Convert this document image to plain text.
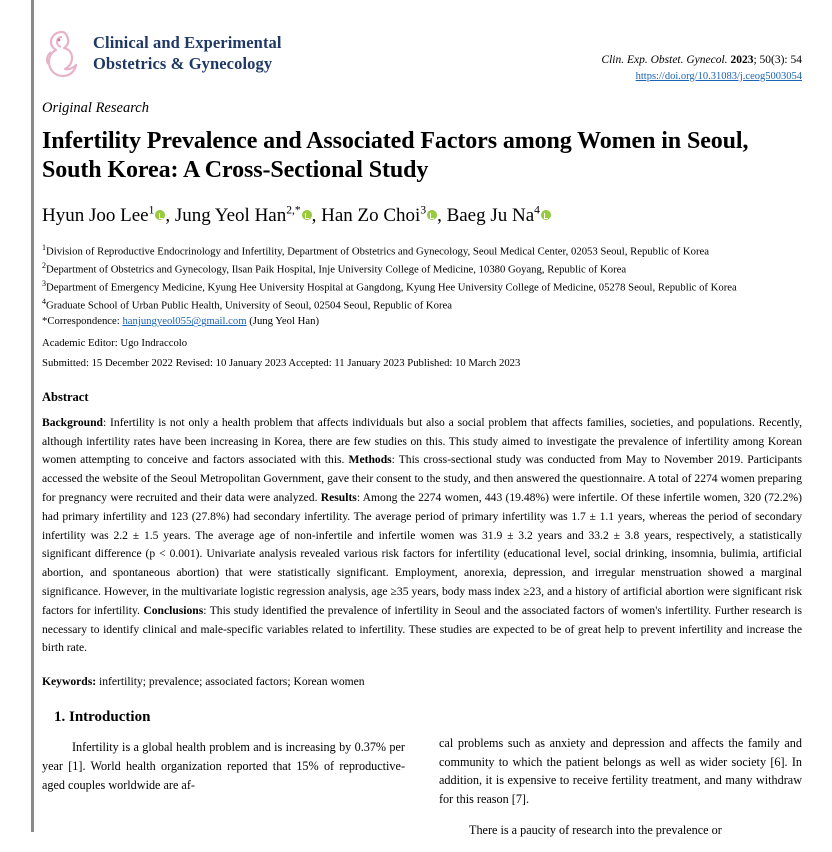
Clinical and Experimental
Obstetrics & Gynecology	Clin. Exp. Obstet. Gynecol. 2023; 50(3): 54
https://doi.org/10.31083/j.ceog5003054
Original Research
Infertility Prevalence and Associated Factors among Women in Seoul, South Korea: A Cross-Sectional Study
Hyun Joo Lee$^1$ , Jung Yeol Han$^{2,*}$ , Han Zo Choi$^3$ , Baeg Ju Na$^4$
$^1$Division of Reproductive Endocrinology and Infertility, Department of Obstetrics and Gynecology, Seoul Medical Center, 02053 Seoul, Republic of Korea
$^2$Department of Obstetrics and Gynecology, Ilsan Paik Hospital, Inje University College of Medicine, 10380 Goyang, Republic of Korea
$^3$Department of Emergency Medicine, Kyung Hee University Hospital at Gangdong, Kyung Hee University College of Medicine, 05278 Seoul, Republic of Korea
$^4$Graduate School of Urban Public Health, University of Seoul, 02504 Seoul, Republic of Korea
*Correspondence: hanjungyeol055@gmail.com (Jung Yeol Han)
Academic Editor: Ugo Indraccolo
Submitted: 15 December 2022 Revised: 10 January 2023 Accepted: 11 January 2023 Published: 10 March 2023
Abstract
Background: Infertility is not only a health problem that affects individuals but also a social problem that affects families, societies, and populations. Recently, although infertility rates have been increasing in Korea, there are few studies on this. This study aimed to investigate the prevalence of infertility among Korean women attempting to conceive and factors associated with this. Methods: This cross-sectional study was conducted from May to November 2019. Participants accessed the website of the Seoul Metropolitan Government, gave their consent to the study, and then answered the questionnaire. A total of 2274 women preparing for pregnancy were recruited and their data were analyzed. Results: Among the 2274 women, 443 (19.48%) were infertile. Of these infertile women, 320 (72.2%) had primary infertility and 123 (27.8%) had secondary infertility. The average period of primary infertility was 1.7 ± 1.1 years, whereas the period of secondary infertility was 2.2 ± 1.5 years. The average age of non-infertile and infertile women was 31.9 ± 3.2 years and 33.2 ± 3.8 years, respectively, a statistically significant difference (p < 0.001). Univariate analysis revealed various risk factors for infertility (educational level, social drinking, insomnia, bulimia, artificial abortion, and spontaneous abortion) that were statistically significant. Employment, anorexia, depression, and irregular menstruation showed a marginal significance. However, in the multivariate logistic regression analysis, age ≥35 years, body mass index ≥23, and a history of artificial abortion were significant risk factors for infertility. Conclusions: This study identified the prevalence of infertility in Seoul and the associated factors of women's infertility. Further research is necessary to identify clinical and male-specific variables related to infertility. These studies are expected to be of great help to prevent infertility and increase the birth rate.
Keywords: infertility; prevalence; associated factors; Korean women
1. Introduction

Infertility is a global health problem and is increasing by 0.37% per year [1]. World health organization reported that 15% of reproductive-aged couples worldwide are af-

cal problems such as anxiety and depression and affects the family and community to which the patient belongs as well as wider society [6]. In addition, it is expensive to receive fertility treatment, and many withdraw for this reason [7].

There is a paucity of research into the prevalence or
